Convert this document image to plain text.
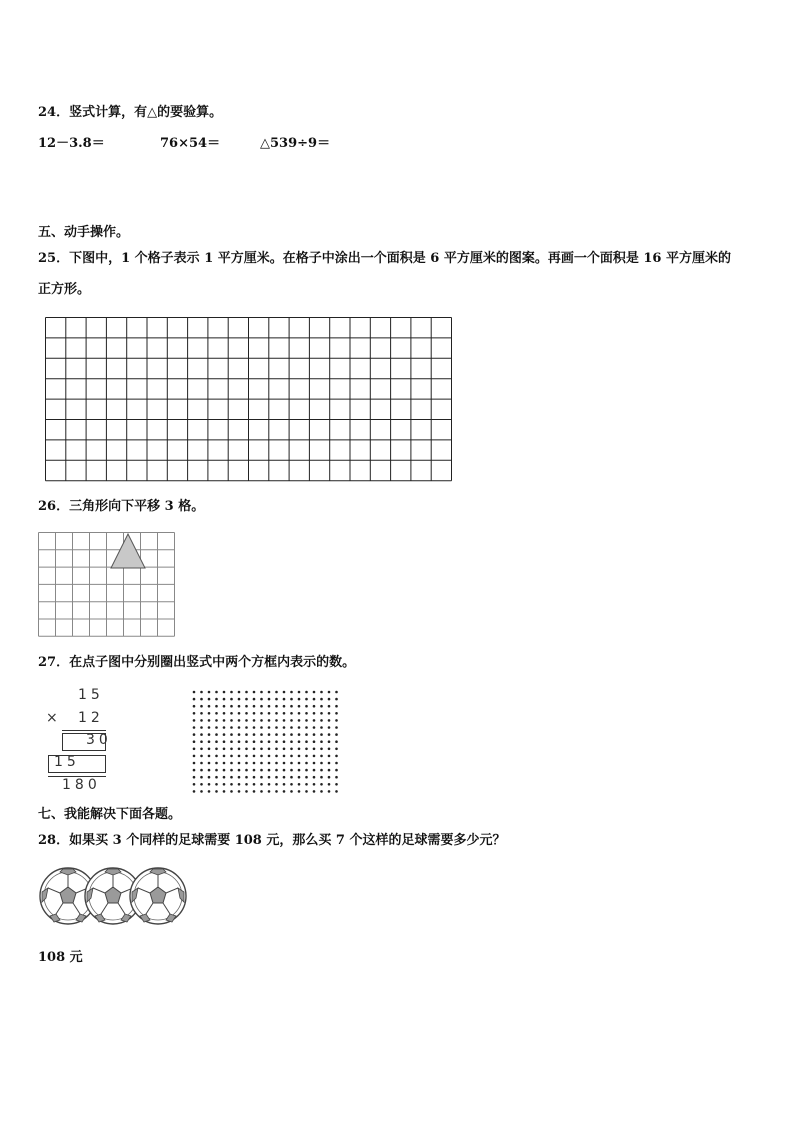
24．竖式计算，有△的要验算。
12－3.8＝	76×54＝	△539÷9＝
五、动手操作。
25．下图中，1 个格子表示 1 平方厘米。在格子中涂出一个面积是 6 平方厘米的图案。再画一个面积是 16 平方厘米的
正方形。
26．三角形向下平移 3 格。
27．在点子图中分别圈出竖式中两个方框内表示的数。
15
× 12
30
15
180
七、我能解决下面各题。
28．如果买 3 个同样的足球需要 108 元，那么买 7 个这样的足球需要多少元？
108 元
